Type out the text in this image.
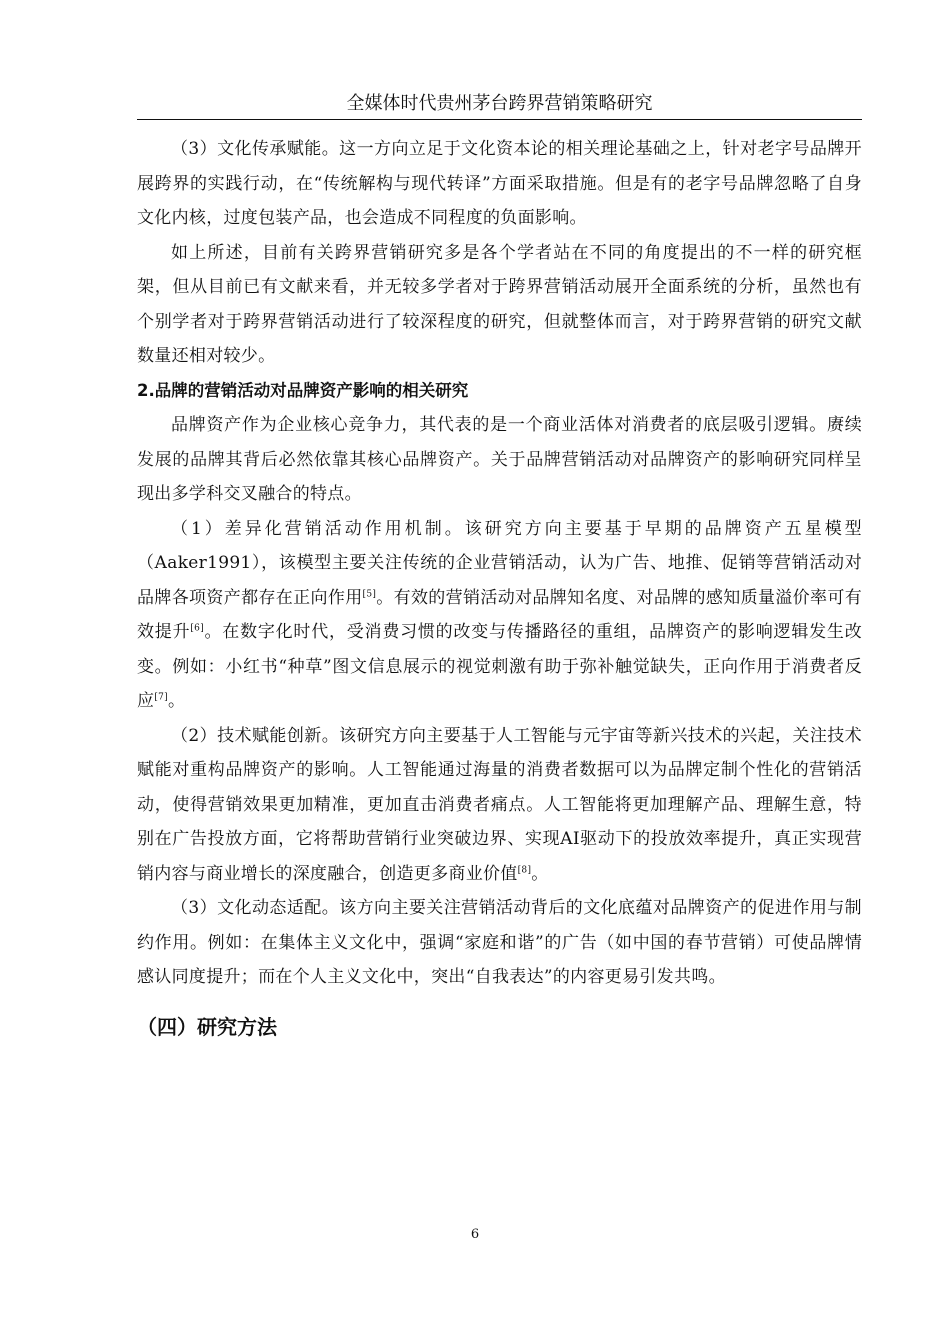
全媒体时代贵州茅台跨界营销策略研究

（3）文化传承赋能。这一方向立足于文化资本论的相关理论基础之上，针对老字号品牌开展跨界的实践行动，在“传统解构与现代转译”方面采取措施。但是有的老字号品牌忽略了自身文化内核，过度包装产品，也会造成不同程度的负面影响。

如上所述，目前有关跨界营销研究多是各个学者站在不同的角度提出的不一样的研究框架，但从目前已有文献来看，并无较多学者对于跨界营销活动展开全面系统的分析，虽然也有个别学者对于跨界营销活动进行了较深程度的研究，但就整体而言，对于跨界营销的研究文献数量还相对较少。

2.品牌的营销活动对品牌资产影响的相关研究

品牌资产作为企业核心竞争力，其代表的是一个商业活体对消费者的底层吸引逻辑。赓续发展的品牌其背后必然依靠其核心品牌资产。关于品牌营销活动对品牌资产的影响研究同样呈现出多学科交叉融合的特点。

（1）差异化营销活动作用机制。该研究方向主要基于早期的品牌资产五星模型（Aaker1991），该模型主要关注传统的企业营销活动，认为广告、地推、促销等营销活动对品牌各项资产都存在正向作用[5]。有效的营销活动对品牌知名度、对品牌的感知质量溢价率可有效提升[6]。在数字化时代，受消费习惯的改变与传播路径的重组，品牌资产的影响逻辑发生改变。例如：小红书“种草”图文信息展示的视觉刺激有助于弥补触觉缺失，正向作用于消费者反应[7]。

（2）技术赋能创新。该研究方向主要基于人工智能与元宇宙等新兴技术的兴起，关注技术赋能对重构品牌资产的影响。人工智能通过海量的消费者数据可以为品牌定制个性化的营销活动，使得营销效果更加精准，更加直击消费者痛点。人工智能将更加理解产品、理解生意，特别在广告投放方面，它将帮助营销行业突破边界、实现AI驱动下的投放效率提升，真正实现营销内容与商业增长的深度融合，创造更多商业价值[8]。

（3）文化动态适配。该方向主要关注营销活动背后的文化底蕴对品牌资产的促进作用与制约作用。例如：在集体主义文化中，强调“家庭和谐”的广告（如中国的春节营销）可使品牌情感认同度提升；而在个人主义文化中，突出“自我表达”的内容更易引发共鸣。

（四）研究方法
6
